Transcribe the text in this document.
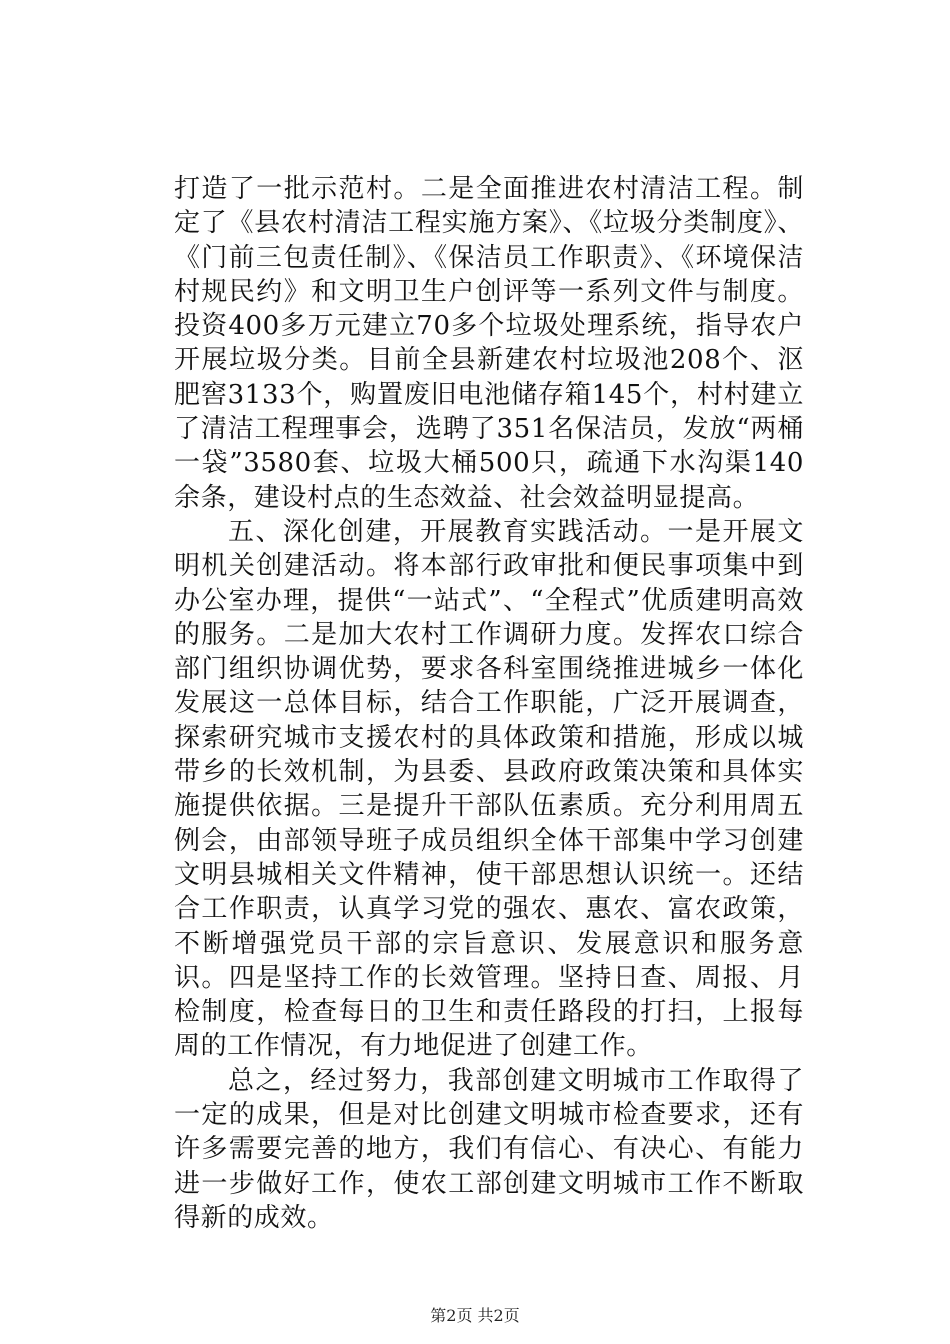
打造了一批示范村。二是全面推进农村清洁工程。制定了《县农村清洁工程实施方案》、《垃圾分类制度》、《门前三包责任制》、《保洁员工作职责》、《环境保洁村规民约》和文明卫生户创评等一系列文件与制度。投资400多万元建立70多个垃圾处理系统，指导农户开展垃圾分类。目前全县新建农村垃圾池208个、沤肥窖3133个，购置废旧电池储存箱145个，村村建立了清洁工程理事会，选聘了351名保洁员，发放“两桶一袋”3580套、垃圾大桶500只，疏通下水沟渠140余条，建设村点的生态效益、社会效益明显提高。

五、深化创建，开展教育实践活动。一是开展文明机关创建活动。将本部行政审批和便民事项集中到办公室办理，提供“一站式”、“全程式”优质建明高效的服务。二是加大农村工作调研力度。发挥农口综合部门组织协调优势，要求各科室围绕推进城乡一体化发展这一总体目标，结合工作职能，广泛开展调查，探索研究城市支援农村的具体政策和措施，形成以城带乡的长效机制，为县委、县政府政策决策和具体实施提供依据。三是提升干部队伍素质。充分利用周五例会，由部领导班子成员组织全体干部集中学习创建文明县城相关文件精神，使干部思想认识统一。还结合工作职责，认真学习党的强农、惠农、富农政策，不断增强党员干部的宗旨意识、发展意识和服务意识。四是坚持工作的长效管理。坚持日查、周报、月检制度，检查每日的卫生和责任路段的打扫，上报每周的工作情况，有力地促进了创建工作。

总之，经过努力，我部创建文明城市工作取得了一定的成果，但是对比创建文明城市检查要求，还有许多需要完善的地方，我们有信心、有决心、有能力进一步做好工作，使农工部创建文明城市工作不断取得新的成效。

第2页 共2页
